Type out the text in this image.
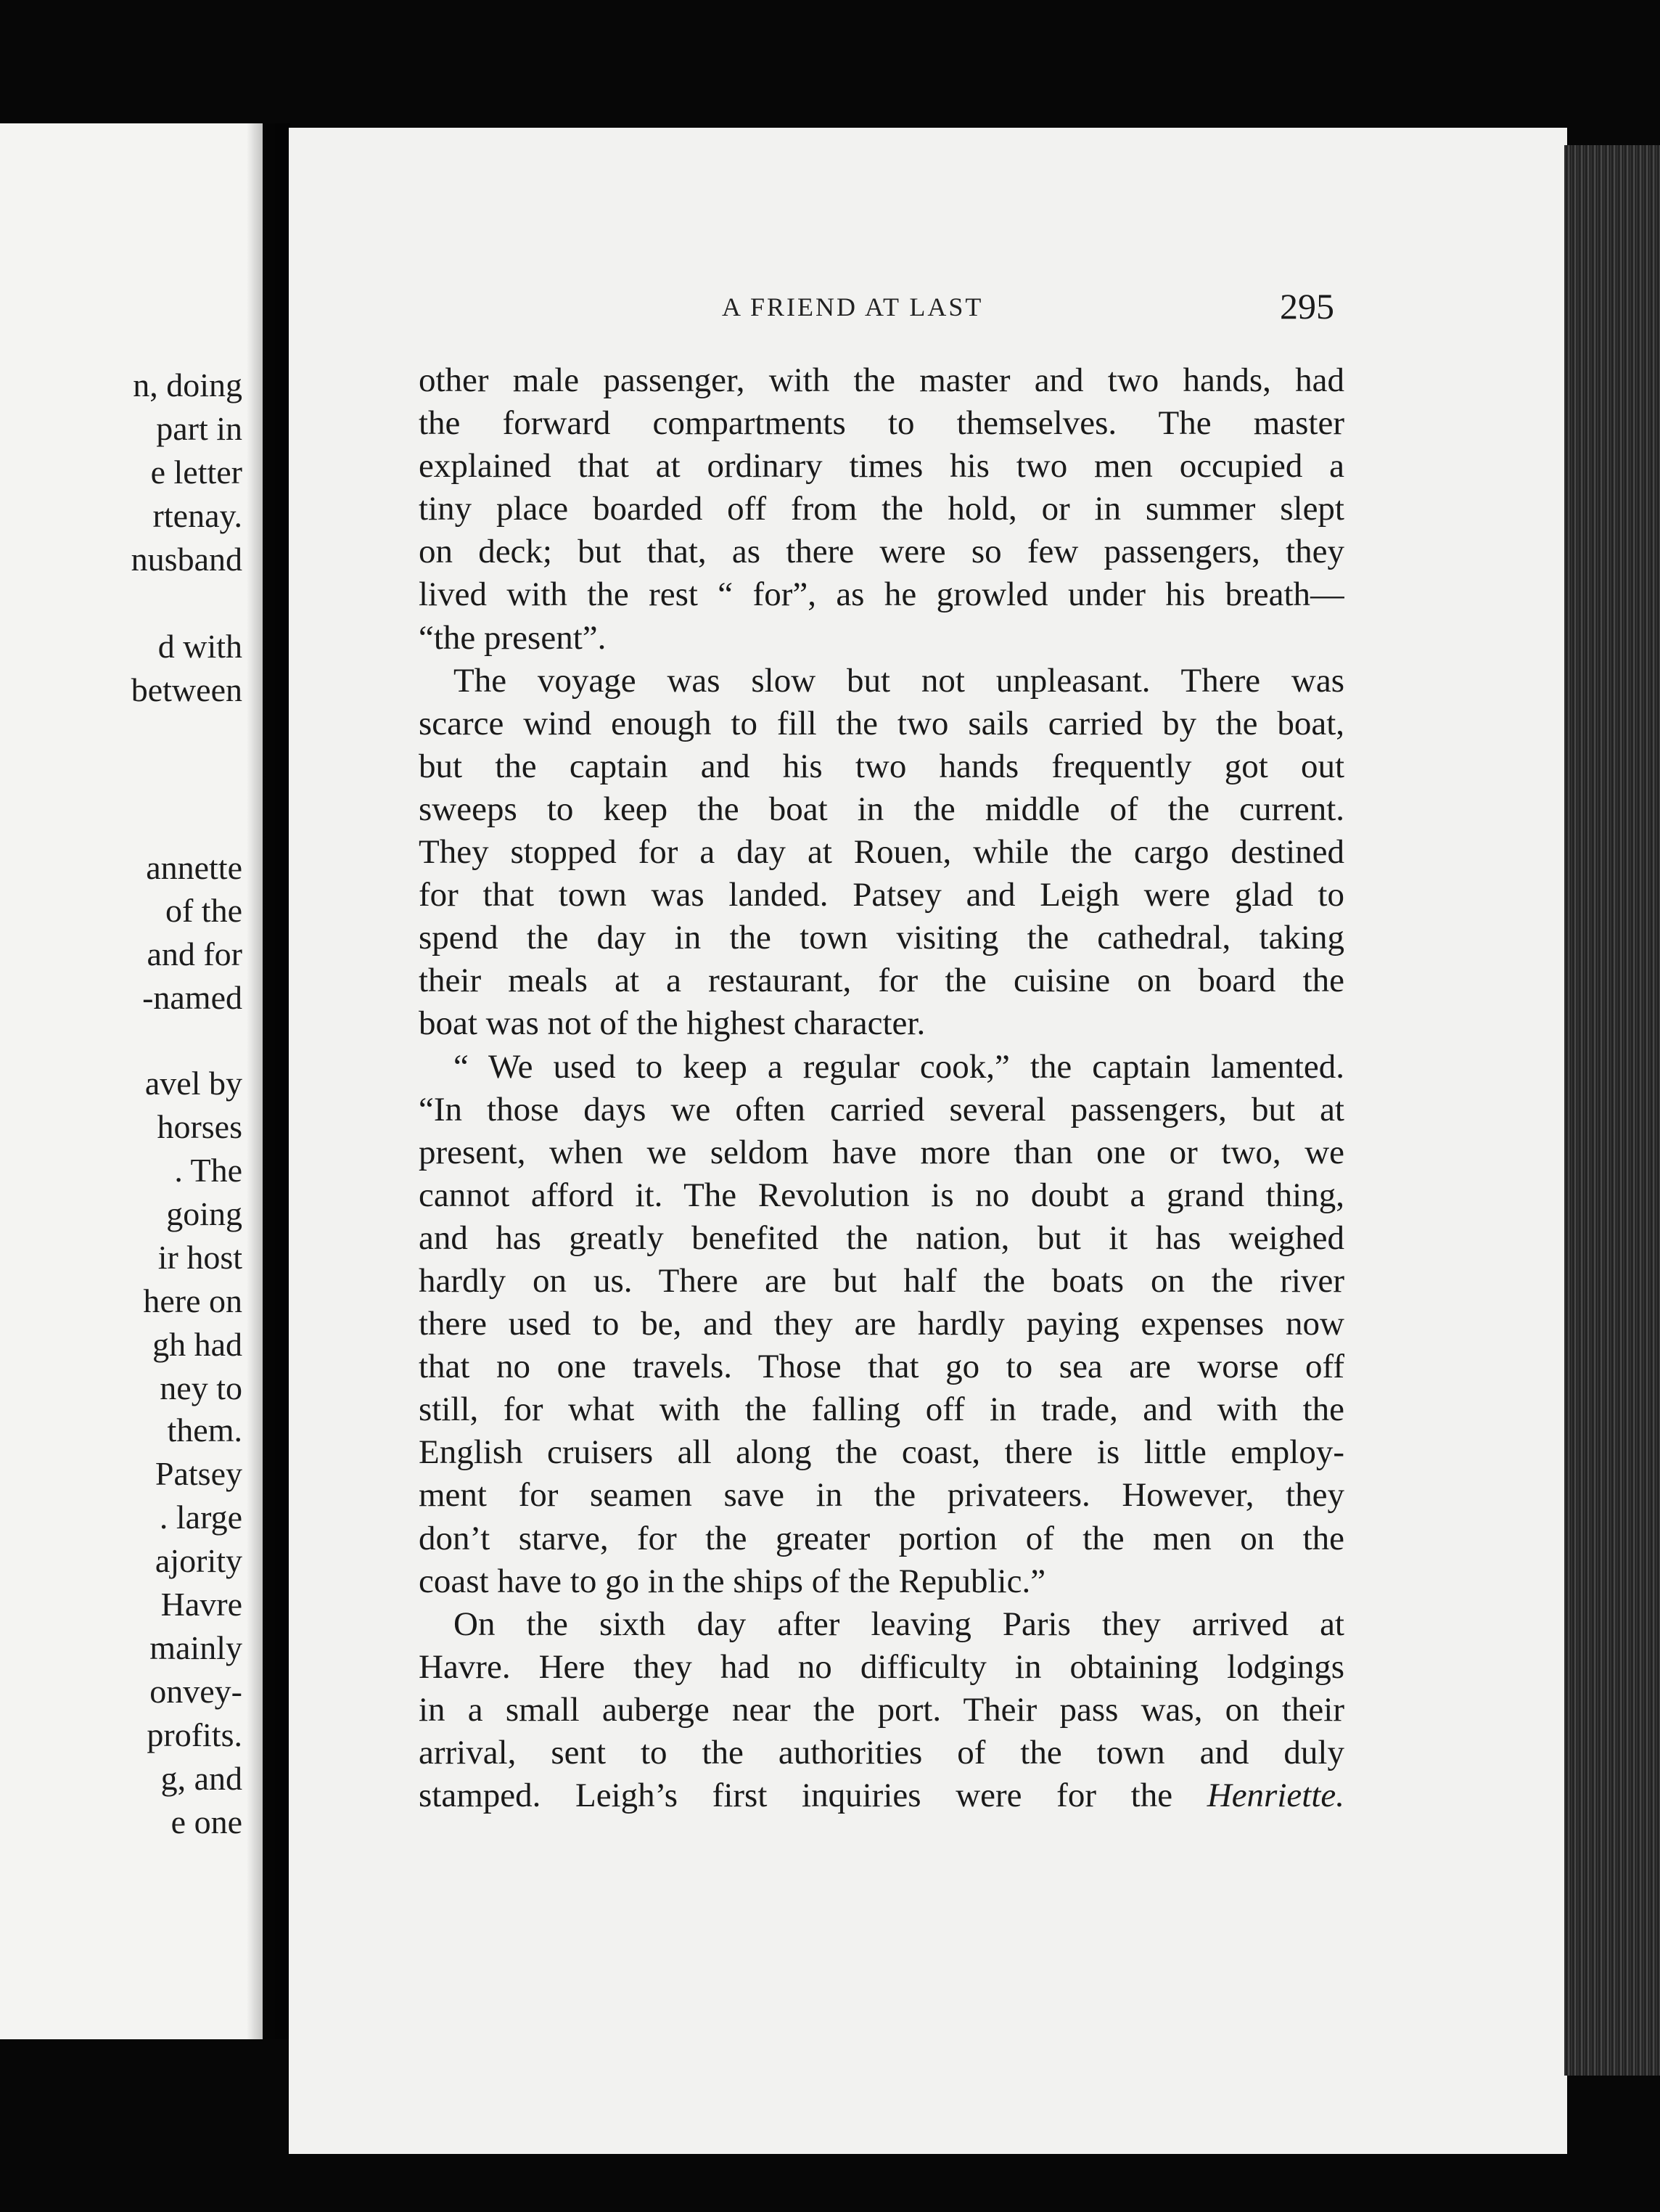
n, doing

part in

e letter

rtenay.

nusband

d with

between

annette

of the

and for

-named

avel by

horses

. The

going

ir host

here on

gh had

ney to

them.

Patsey

. large

ajority

Havre

mainly

onvey-

profits.

g, and

e one

A FRIEND AT LAST	295

other male passenger, with the master and two hands, had
the forward compartments to themselves. The master
explained that at ordinary times his two men occupied a
tiny place boarded off from the hold, or in summer slept
on deck; but that, as there were so few passengers, they
lived with the rest “ for”, as he growled under his breath—
“the present”.
The voyage was slow but not unpleasant. There was
scarce wind enough to fill the two sails carried by the boat,
but the captain and his two hands frequently got out
sweeps to keep the boat in the middle of the current.
They stopped for a day at Rouen, while the cargo destined
for that town was landed. Patsey and Leigh were glad to
spend the day in the town visiting the cathedral, taking
their meals at a restaurant, for the cuisine on board the
boat was not of the highest character.
“ We used to keep a regular cook,” the captain lamented.
“In those days we often carried several passengers, but at
present, when we seldom have more than one or two, we
cannot afford it. The Revolution is no doubt a grand thing,
and has greatly benefited the nation, but it has weighed
hardly on us. There are but half the boats on the river
there used to be, and they are hardly paying expenses now
that no one travels. Those that go to sea are worse off
still, for what with the falling off in trade, and with the
English cruisers all along the coast, there is little employ-
ment for seamen save in the privateers. However, they
don’t starve, for the greater portion of the men on the
coast have to go in the ships of the Republic.”
On the sixth day after leaving Paris they arrived at
Havre. Here they had no difficulty in obtaining lodgings
in a small auberge near the port. Their pass was, on their
arrival, sent to the authorities of the town and duly
stamped. Leigh’s first inquiries were for the Henriette.
